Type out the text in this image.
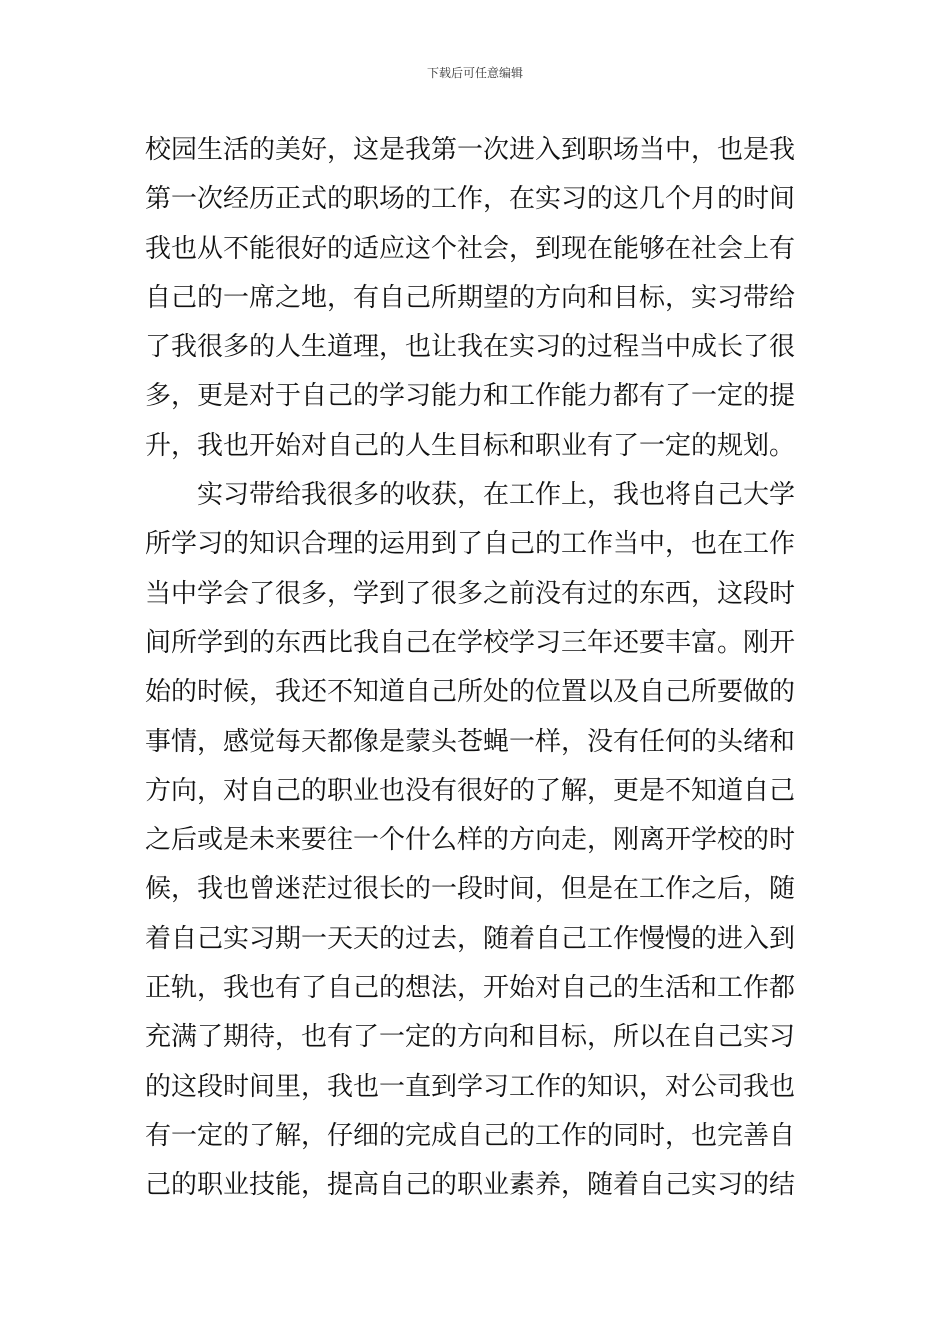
下载后可任意编辑
校园生活的美好，这是我第一次进入到职场当中，也是我
第一次经历正式的职场的工作，在实习的这几个月的时间
我也从不能很好的适应这个社会，到现在能够在社会上有
自己的一席之地，有自己所期望的方向和目标，实习带给
了我很多的人生道理，也让我在实习的过程当中成长了很
多，更是对于自己的学习能力和工作能力都有了一定的提
升，我也开始对自己的人生目标和职业有了一定的规划。
　　实习带给我很多的收获，在工作上，我也将自己大学
所学习的知识合理的运用到了自己的工作当中，也在工作
当中学会了很多，学到了很多之前没有过的东西，这段时
间所学到的东西比我自己在学校学习三年还要丰富。刚开
始的时候，我还不知道自己所处的位置以及自己所要做的
事情，感觉每天都像是蒙头苍蝇一样，没有任何的头绪和
方向，对自己的职业也没有很好的了解，更是不知道自己
之后或是未来要往一个什么样的方向走，刚离开学校的时
候，我也曾迷茫过很长的一段时间，但是在工作之后，随
着自己实习期一天天的过去，随着自己工作慢慢的进入到
正轨，我也有了自己的想法，开始对自己的生活和工作都
充满了期待，也有了一定的方向和目标，所以在自己实习
的这段时间里，我也一直到学习工作的知识，对公司我也
有一定的了解，仔细的完成自己的工作的同时，也完善自
己的职业技能，提高自己的职业素养，随着自己实习的结
